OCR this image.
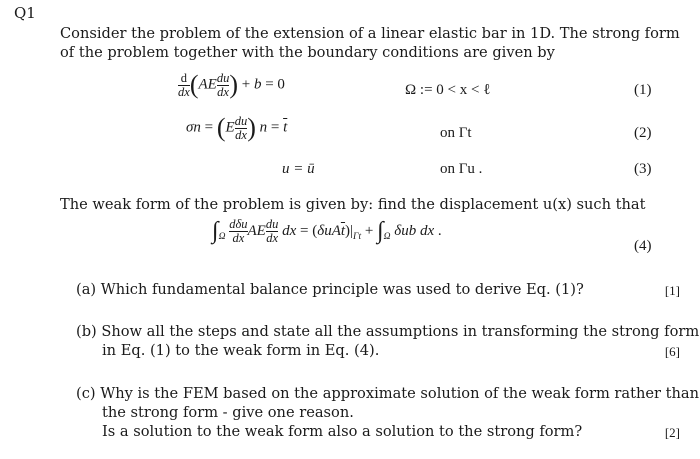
Q1
Consider the problem of the extension of a linear elastic bar in 1D. The strong form
of the problem together with the boundary conditions are given by
$\frac{d}{dx} (AE \frac{du}{dx}$ ) + b = 0	Ω := 0 < x < ℓ	(1)
$\sigma n = (E \frac{du}{dx}$ ) $n = \overline{t}$	on Γt	(2)
u = ū	on Γu .	(3)
The weak form of the problem is given by: find the displacement u(x) such that
$\int_\Omega \frac{\text{dδu}}{dx}$ AE $\frac{du}{dx}$ dx = $(\delta uA\overline{t})|_{\Gamma t} + \int_\Omega$ δub dx .
(4)
(a) Which fundamental balance principle was used to derive Eq. (1)?	[1]
(b) Show all the steps and state all the assumptions in transforming the strong form
in Eq. (1) to the weak form in Eq. (4).	[6]
(c) Why is the FEM based on the approximate solution of the weak form rather than
the strong form - give one reason.
Is a solution to the weak form also a solution to the strong form?	[2]
